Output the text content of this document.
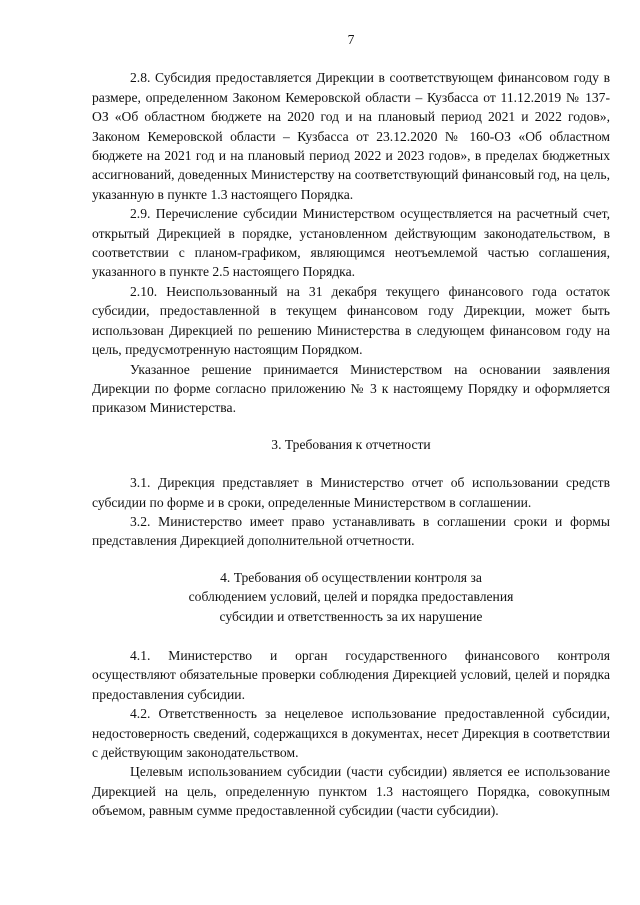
7

2.8. Субсидия предоставляется Дирекции в соответствующем финансовом году в размере, определенном Законом Кемеровской области – Кузбасса от 11.12.2019 № 137-ОЗ «Об областном бюджете на 2020 год и на плановый период 2021 и 2022 годов», Законом Кемеровской области – Кузбасса от 23.12.2020 № 160-ОЗ «Об областном бюджете на 2021 год и на плановый период 2022 и 2023 годов», в пределах бюджетных ассигнований, доведенных Министерству на соответствующий финансовый год, на цель, указанную в пункте 1.3 настоящего Порядка.

2.9. Перечисление субсидии Министерством осуществляется на расчетный счет, открытый Дирекцией в порядке, установленном действующим законодательством, в соответствии с планом-графиком, являющимся неотъемлемой частью соглашения, указанного в пункте 2.5 настоящего Порядка.

2.10. Неиспользованный на 31 декабря текущего финансового года остаток субсидии, предоставленной в текущем финансовом году Дирекции, может быть использован Дирекцией по решению Министерства в следующем финансовом году на цель, предусмотренную настоящим Порядком.

Указанное решение принимается Министерством на основании заявления Дирекции по форме согласно приложению № 3 к настоящему Порядку и оформляется приказом Министерства.

3. Требования к отчетности

3.1. Дирекция представляет в Министерство отчет об использовании средств субсидии по форме и в сроки, определенные Министерством в соглашении.

3.2. Министерство имеет право устанавливать в соглашении сроки и формы представления Дирекцией дополнительной отчетности.

4. Требования об осуществлении контроля за

соблюдением условий, целей и порядка предоставления

субсидии и ответственность за их нарушение

4.1. Министерство и орган государственного финансового контроля осуществляют обязательные проверки соблюдения Дирекцией условий, целей и порядка предоставления субсидии.

4.2. Ответственность за нецелевое использование предоставленной субсидии, недостоверность сведений, содержащихся в документах, несет Дирекция в соответствии с действующим законодательством.

Целевым использованием субсидии (части субсидии) является ее использование Дирекцией на цель, определенную пунктом 1.3 настоящего Порядка, совокупным объемом, равным сумме предоставленной субсидии (части субсидии).
